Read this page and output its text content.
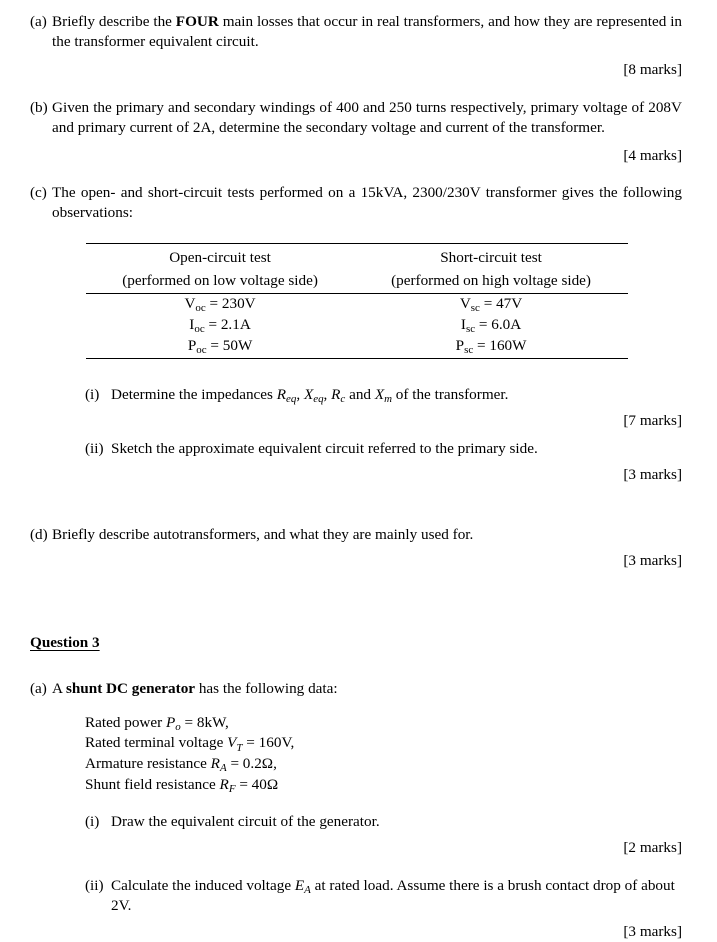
(a) Briefly describe the FOUR main losses that occur in real transformers, and how they are represented in the transformer equivalent circuit.
[8 marks]
(b) Given the primary and secondary windings of 400 and 250 turns respectively, primary voltage of 208V and primary current of 2A, determine the secondary voltage and current of the transformer.
[4 marks]
(c) The open- and short-circuit tests performed on a 15kVA, 2300/230V transformer gives the following observations:
Open-circuit test	Short-circuit test
(performed on low voltage side)	(performed on high voltage side)
$V_{oc} = 230V$	$V_{sc} = 47V$
$I_{oc} = 2.1A$	$I_{sc} = 6.0A$
$P_{oc} = 50W$	$P_{sc} = 160W$
(i) Determine the impedances $R_{eq}$, $X_{eq}$, $R_c$ and $X_m$ of the transformer.
[7 marks]
(ii) Sketch the approximate equivalent circuit referred to the primary side.
[3 marks]
(d) Briefly describe autotransformers, and what they are mainly used for.
[3 marks]
Question 3
(a) A shunt DC generator has the following data:
Rated power $P_o = 8kW$,
Rated terminal voltage $V_T = 160V$,
Armature resistance $R_A = 0.2\Omega$,
Shunt field resistance $R_F = 40\Omega$
(i) Draw the equivalent circuit of the generator.
[2 marks]
(ii) Calculate the induced voltage $E_A$ at rated load. Assume there is a brush contact drop of about 2V.
[3 marks]
